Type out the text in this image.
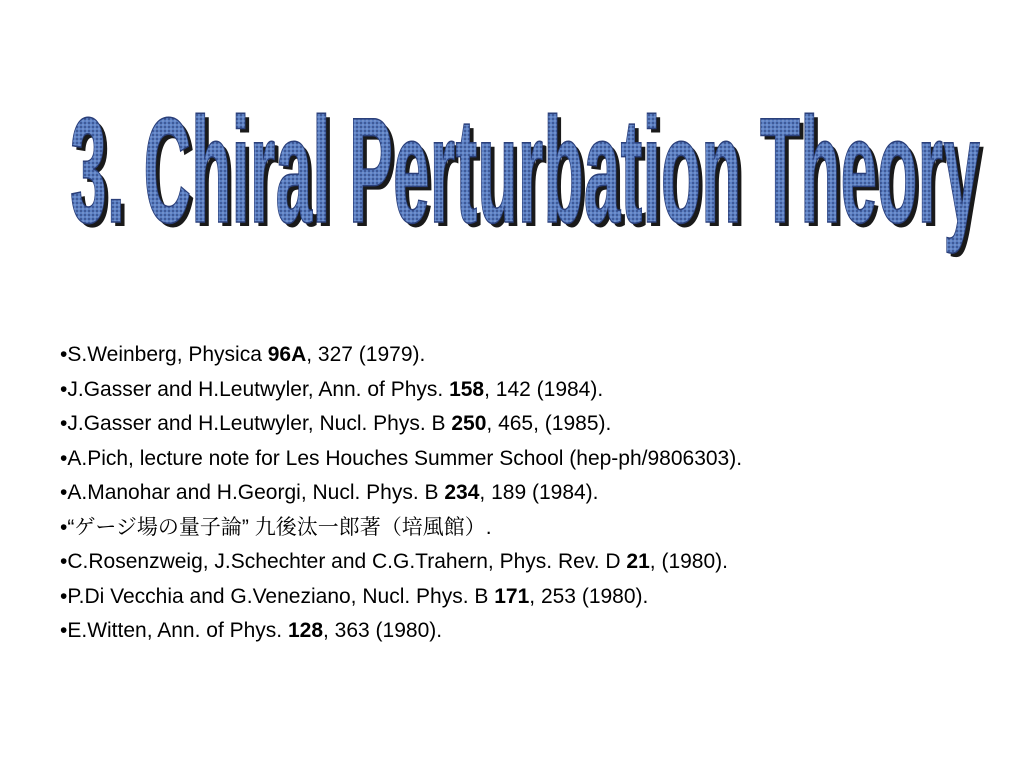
3. Chiral Perturbation Theory
3. Chiral Perturbation Theory
•S.Weinberg, Physica 96A, 327 (1979).
•J.Gasser and H.Leutwyler, Ann. of Phys. 158, 142 (1984).
•J.Gasser and H.Leutwyler, Nucl. Phys. B 250, 465, (1985).
•A.Pich, lecture note for Les Houches Summer School (hep-ph/9806303).
•A.Manohar and H.Georgi, Nucl. Phys. B 234, 189 (1984).
•“ゲージ場の量子論” 九後汰一郎著（培風館）.
•C.Rosenzweig, J.Schechter and C.G.Trahern, Phys. Rev. D 21, (1980).
•P.Di Vecchia and G.Veneziano, Nucl. Phys. B 171, 253 (1980).
•E.Witten, Ann. of Phys. 128, 363 (1980).
